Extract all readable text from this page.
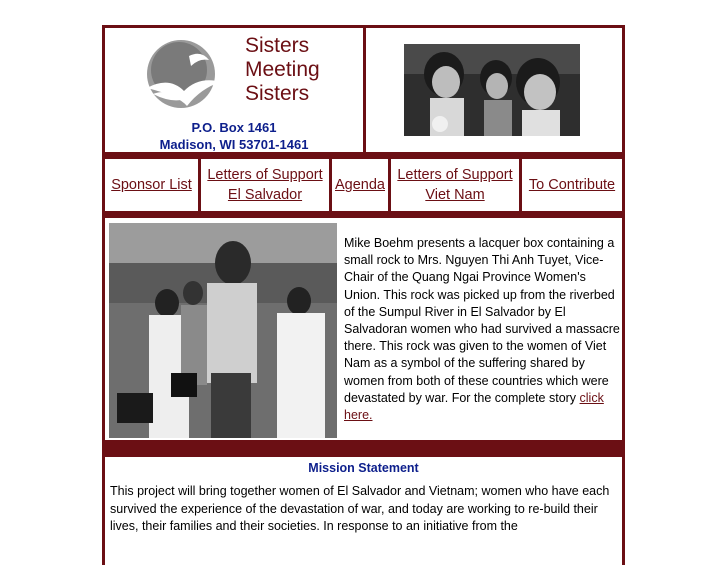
Sisters
Meeting
Sisters
P.O. Box 1461
Madison, WI 53701-1461
Sponsor List
Letters of Support
El Salvador
Agenda
Letters of Support
Viet Nam
To Contribute
Mike Boehm presents a lacquer box containing a small rock to Mrs. Nguyen Thi Anh Tuyet, Vice-Chair of the Quang Ngai Province Women's Union. This rock was picked up from the riverbed of the Sumpul River in El Salvador by El Salvadoran women who had survived a massacre there. This rock was given to the women of Viet Nam as a symbol of the suffering shared by women from both of these countries which were devastated by war. For the complete story click here.
Mission Statement
This project will bring together women of El Salvador and Vietnam; women who have each survived the experience of the devastation of war, and today are working to re-build their lives, their families and their societies. In response to an initiative from the
